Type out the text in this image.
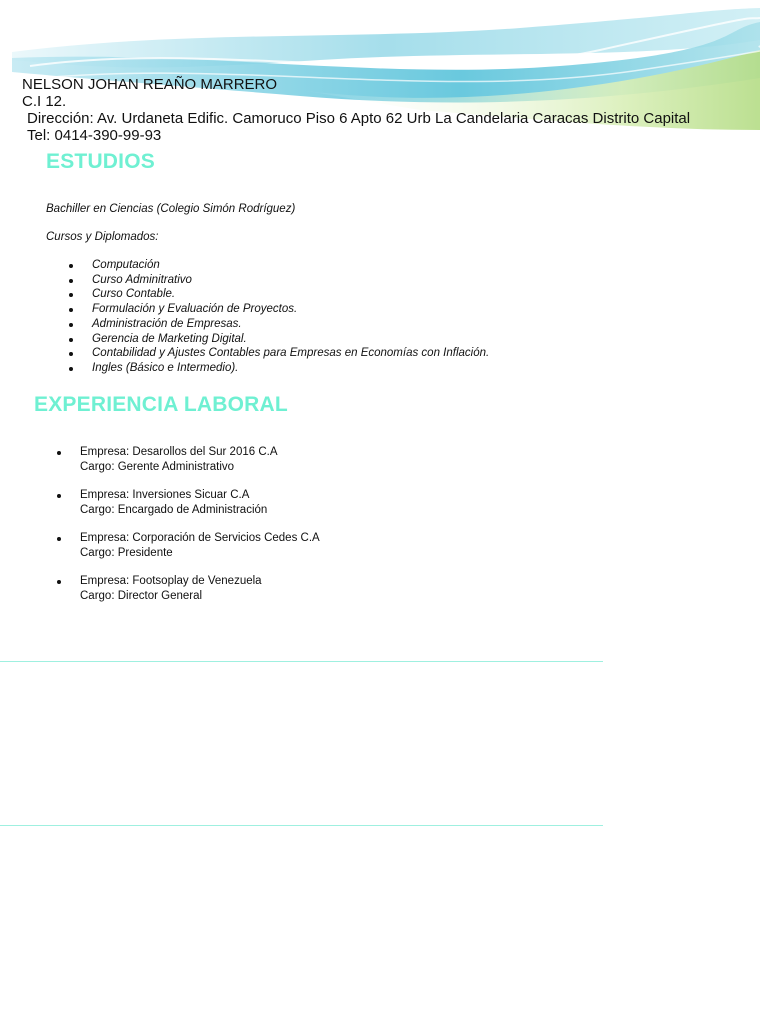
NELSON JOHAN REAÑO MARRERO
C.I 12.
Dirección: Av. Urdaneta Edific. Camoruco Piso 6 Apto 62 Urb La Candelaria Caracas Distrito Capital
Tel: 0414-390-99-93
ESTUDIOS
Bachiller en Ciencias (Colegio Simón Rodríguez)
Cursos y Diplomados:
Computación
Curso Adminitrativo
Curso Contable.
Formulación y Evaluación de Proyectos.
Administración de Empresas.
Gerencia de Marketing Digital.
Contabilidad y Ajustes Contables para Empresas en Economías con Inflación.
Ingles (Básico e Intermedio).
EXPERIENCIA LABORAL
Empresa: Desarollos del Sur 2016 C.A
Cargo: Gerente Administrativo
Empresa: Inversiones Sicuar C.A
Cargo: Encargado de Administración
Empresa: Corporación de Servicios Cedes C.A
Cargo: Presidente
Empresa: Footsoplay de Venezuela
Cargo: Director General
